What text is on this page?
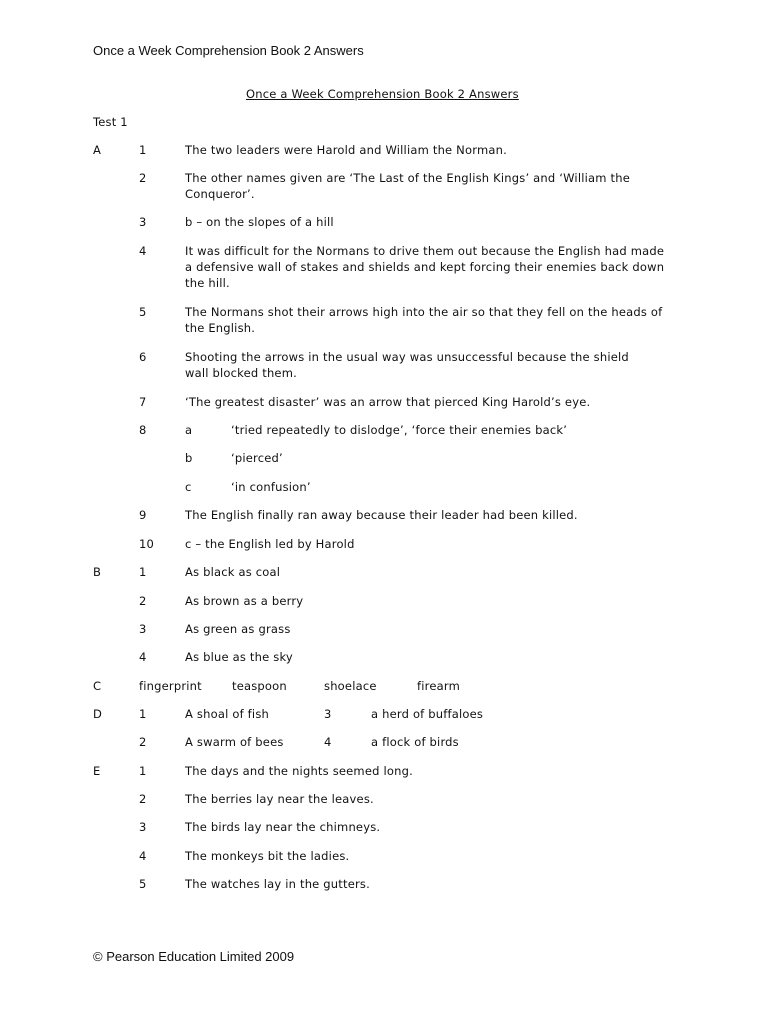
Once a Week Comprehension Book 2 Answers
Once a Week Comprehension Book 2 Answers
Test 1
A	1	The two leaders were Harold and William the Norman.
2	The other names given are ‘The Last of the English Kings’ and ‘William the Conqueror’.
3	b – on the slopes of a hill
4	It was difficult for the Normans to drive them out because the English had made a defensive wall of stakes and shields and kept forcing their enemies back down the hill.
5	The Normans shot their arrows high into the air so that they fell on the heads of the English.
6	Shooting the arrows in the usual way was unsuccessful because the shield wall blocked them.
7	‘The greatest disaster’ was an arrow that pierced King Harold’s eye.
8	a	‘tried repeatedly to dislodge’, ‘force their enemies back’
b	‘pierced’
c	‘in confusion’
9	The English finally ran away because their leader had been killed.
10	c – the English led by Harold
B	1	As black as coal
2	As brown as a berry
3	As green as grass
4	As blue as the sky
C	fingerprint	teaspoon	shoelace	firearm
D	1	A shoal of fish	3	a herd of buffaloes
2	A swarm of bees	4	a flock of birds
E	1	The days and the nights seemed long.
2	The berries lay near the leaves.
3	The birds lay near the chimneys.
4	The monkeys bit the ladies.
5	The watches lay in the gutters.
© Pearson Education Limited 2009
